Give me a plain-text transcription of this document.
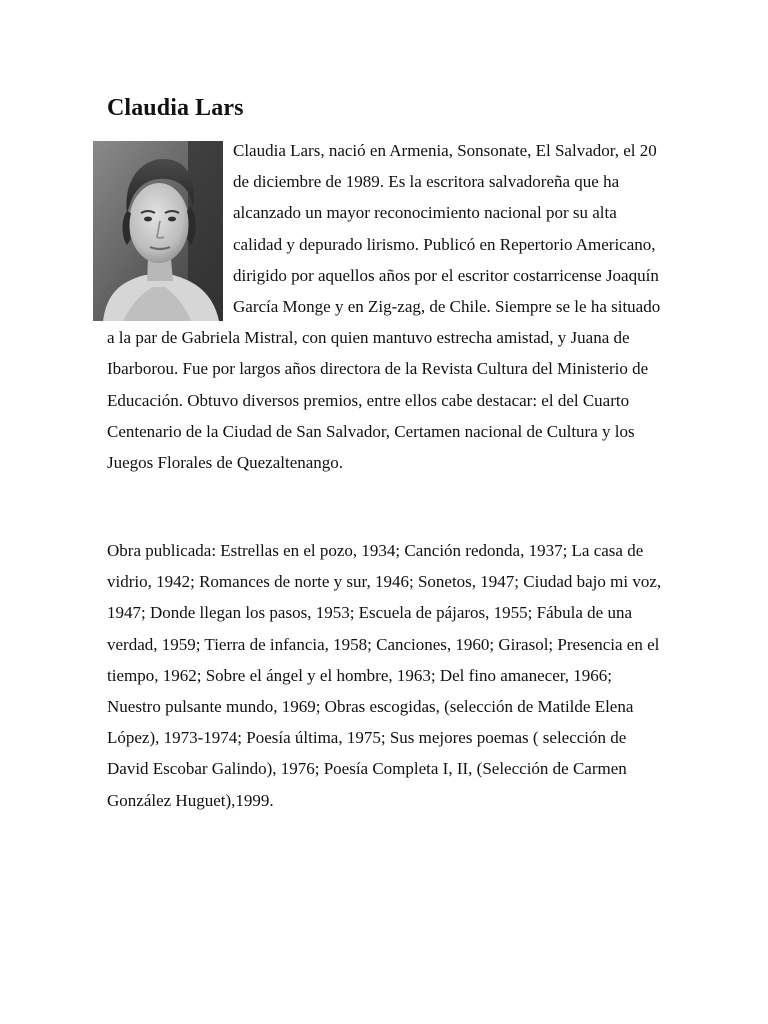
Claudia Lars

Claudia Lars, nació en Armenia, Sonsonate, El Salvador, el 20 de diciembre de 1989. Es la escritora salvadoreña que ha alcanzado un mayor reconocimiento nacional por su alta calidad y depurado lirismo. Publicó en Repertorio Americano, dirigido por aquellos años por el escritor costarricense Joaquín García Monge y en Zig-zag, de Chile. Siempre se le ha situado a la par de Gabriela Mistral, con quien mantuvo estrecha amistad, y Juana de Ibarborou. Fue por largos años directora de la Revista Cultura del Ministerio de Educación. Obtuvo diversos premios, entre ellos cabe destacar: el del Cuarto Centenario de la Ciudad de San Salvador, Certamen nacional de Cultura y los Juegos Florales de Quezaltenango.

Obra publicada: Estrellas en el pozo, 1934; Canción redonda, 1937; La casa de vidrio, 1942; Romances de norte y sur, 1946; Sonetos, 1947; Ciudad bajo mi voz, 1947; Donde llegan los pasos, 1953; Escuela de pájaros, 1955; Fábula de una verdad, 1959; Tierra de infancia, 1958; Canciones, 1960; Girasol; Presencia en el tiempo, 1962; Sobre el ángel y el hombre, 1963; Del fino amanecer, 1966; Nuestro pulsante mundo, 1969; Obras escogidas, (selección de Matilde Elena López), 1973-1974; Poesía última, 1975; Sus mejores poemas ( selección de David Escobar Galindo), 1976; Poesía Completa I, II, (Selección de Carmen González Huguet),1999.
